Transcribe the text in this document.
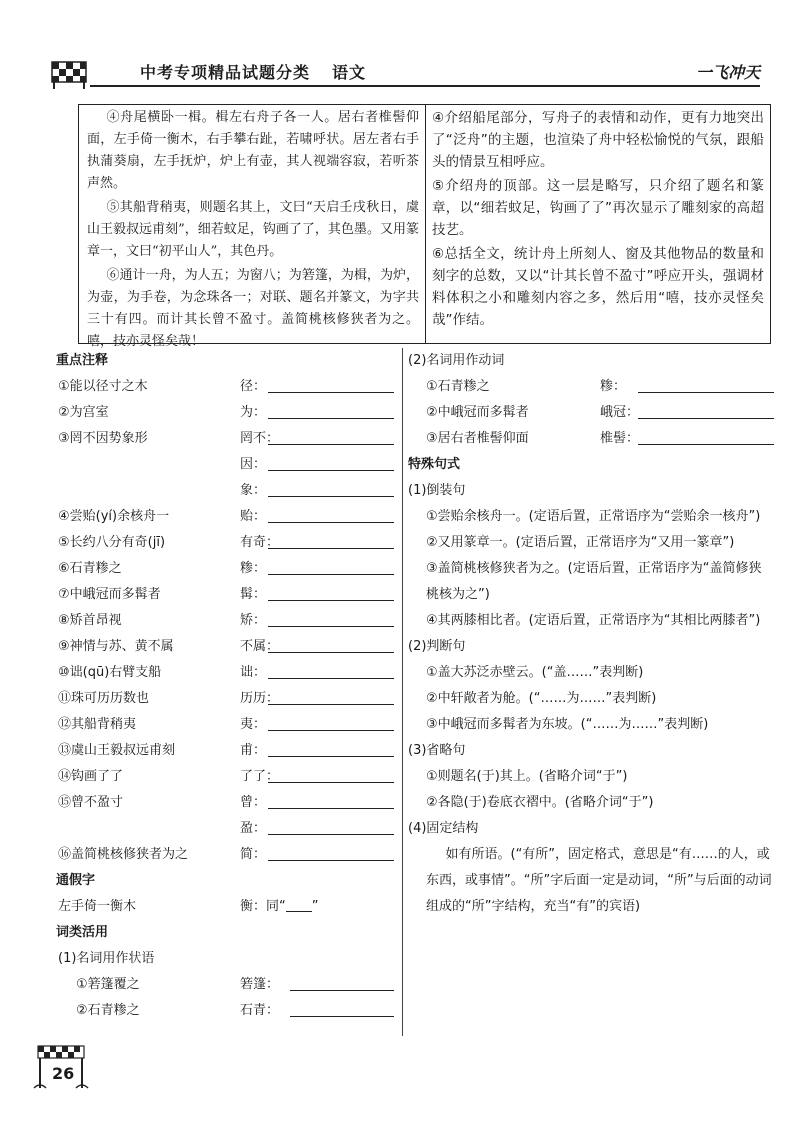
中考专项精品试题分类 语文	一飞冲天

④舟尾横卧一楫。楫左右舟子各一人。居右者椎髻仰面，左手倚一衡木，右手攀右趾，若啸呼状。居左者右手执蒲葵扇，左手抚炉，炉上有壶，其人视端容寂，若听茶声然。

⑤其船背稍夷，则题名其上，文曰“天启壬戌秋日，虞山王毅叔远甫刻”，细若蚊足，钩画了了，其色墨。又用篆章一，文曰“初平山人”，其色丹。

⑥通计一舟，为人五；为窗八；为箬篷，为楫，为炉，为壶，为手卷，为念珠各一；对联、题名并篆文，为字共三十有四。而计其长曾不盈寸。盖简桃核修狭者为之。嘻，技亦灵怪矣哉！

④介绍船尾部分，写舟子的表情和动作，更有力地突出了“泛舟”的主题，也渲染了舟中轻松愉悦的气氛，跟船头的情景互相呼应。

⑤介绍舟的顶部。这一层是略写，只介绍了题名和篆章，以“细若蚊足，钩画了了”再次显示了雕刻家的高超技艺。

⑥总括全文，统计舟上所刻人、窗及其他物品的数量和刻字的总数，又以“计其长曾不盈寸”呼应开头，强调材料体积之小和雕刻内容之多，然后用“嘻，技亦灵怪矣哉”作结。

重点注释
①能以径寸之木	径：
②为宫室	为：
③罔不因势象形	罔不：
因：
象：
④尝贻(yí)余核舟一	贻：
⑤长约八分有奇(jī)	有奇：
⑥石青糁之	糁：
⑦中峨冠而多髯者	髯：
⑧矫首昂视	矫：
⑨神情与苏、黄不属	不属：
⑩诎(qū)右臂支船	诎：
⑪珠可历历数也	历历：
⑫其船背稍夷	夷：
⑬虞山王毅叔远甫刻	甫：
⑭钩画了了	了了：
⑮曾不盈寸	曾：
盈：
⑯盖简桃核修狭者为之	简：
通假字
左手倚一衡木	衡：同“ ”
词类活用
(1)名词用作状语
①箬篷覆之	箬篷：
②石青糁之	石青：
(2)名词用作动词
①石青糁之	糁：
②中峨冠而多髯者	峨冠：
③居右者椎髻仰面	椎髻：
特殊句式
(1)倒装句

①尝贻余核舟一。(定语后置，正常语序为“尝贻余一核舟”)

②又用篆章一。(定语后置，正常语序为“又用一篆章”)

③盖简桃核修狭者为之。(定语后置，正常语序为“盖简修狭桃核为之”)

④其两膝相比者。(定语后置，正常语序为“其相比两膝者”)

(2)判断句

①盖大苏泛赤壁云。(“盖……”表判断)

②中轩敞者为舱。(“……为……”表判断)

③中峨冠而多髯者为东坡。(“……为……”表判断)

(3)省略句

①则题名(于)其上。(省略介词“于”)

②各隐(于)卷底衣褶中。(省略介词“于”)

(4)固定结构

如有所语。(“有所”，固定格式，意思是“有……的人，或东西，或事情”。“所”字后面一定是动词，“所”与后面的动词组成的“所”字结构，充当“有”的宾语)

26
